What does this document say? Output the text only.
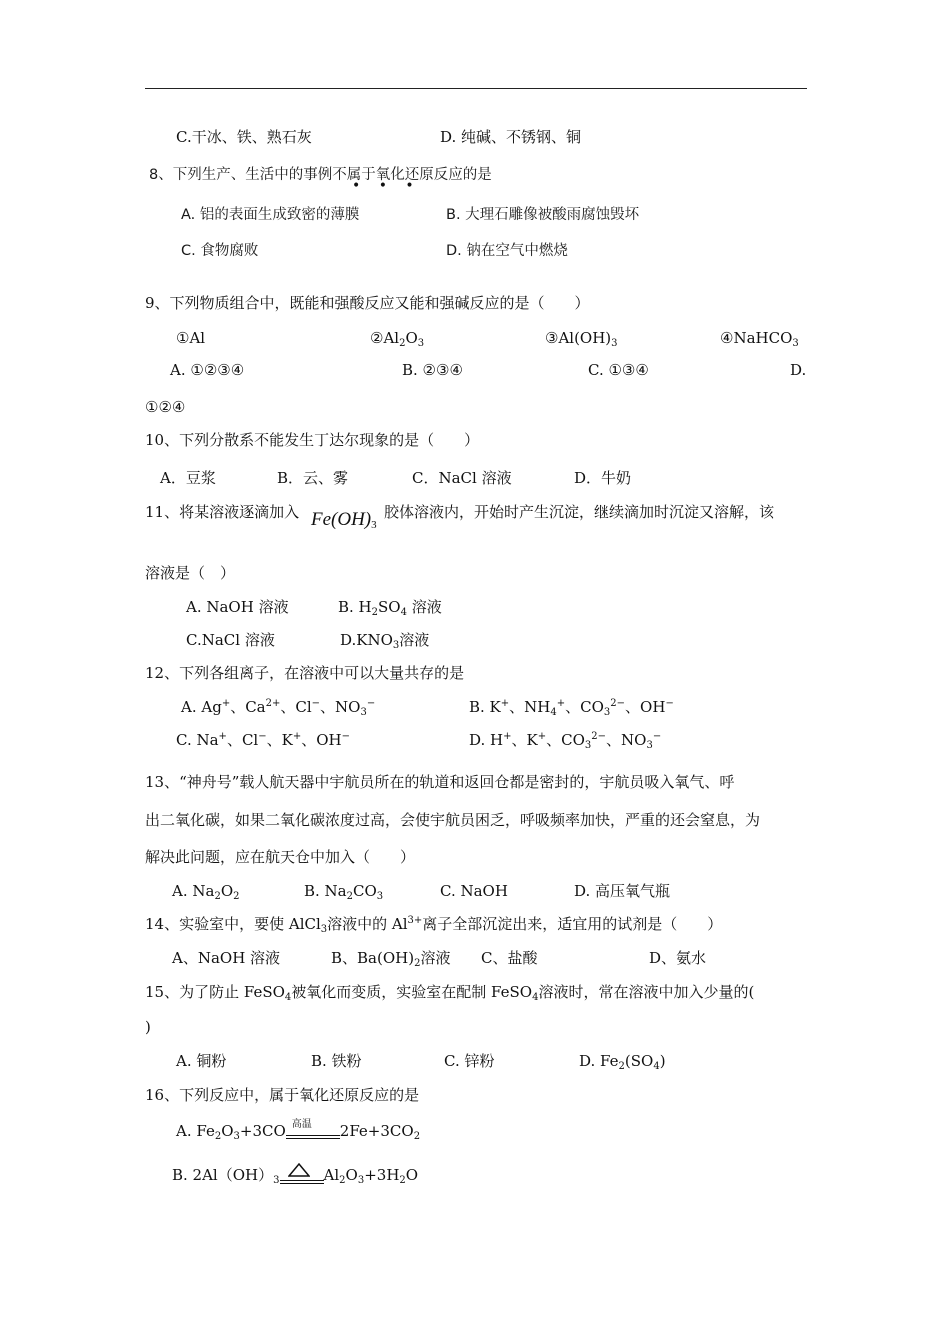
C.干冰、铁、熟石灰	D. 纯碱、不锈钢、铜
8、下列生产、生活中的事例不属于氧化还原反应的是
• • •
A. 铝的表面生成致密的薄膜	B. 大理石雕像被酸雨腐蚀毁坏
C. 食物腐败	D. 钠在空气中燃烧
9、下列物质组合中，既能和强酸反应又能和强碱反应的是（　　）
①Al	$②Al_2O_3$	$③Al(OH)_3$	④NaHCO$_3$
A. ①②③④	B. ②③④	C. ①③④	D.
①②④
10、下列分散系不能发生丁达尔现象的是（　　）
A．豆浆	B．云、雾	C．NaCl 溶液	D．牛奶
11、将某溶液逐滴加入 $Fe(OH)_3$
胶体溶液内，开始时产生沉淀，继续滴加时沉淀又溶解，该
溶液是（　）
A. NaOH 溶液	B. $H_2SO_4$ 溶液
C.NaCl 溶液	$D.KNO_3$溶液
12、下列各组离子，在溶液中可以大量共存的是
A. Ag+、$Ca^{2+}$、Cl−、$NO_3^-$	B. K+、$NH_4^+$、$CO_3^{2-}$、OH−
C. Na+、Cl−、K+、OH−	D. H+、K+、$CO_3^{2-}$、$NO_3^-$
13、“神舟号”载人航天器中宇航员所在的轨道和返回仓都是密封的，宇航员吸入氧气、呼
出二氧化碳，如果二氧化碳浓度过高，会使宇航员困乏，呼吸频率加快，严重的还会窒息，为
解决此问题，应在航天仓中加入（　　）
A. $Na_2O_2$	B. $Na_2CO_3$	C. NaOH	D. 高压氧气瓶
14、实验室中，要使 AlCl$_3$溶液中的 $Al^{3+}$离子全部沉淀出来，适宜用的试剂是（　　）
A、NaOH 溶液	B、$Ba(OH)_2$溶液 C、盐酸	D、氨水
15、为了防止 FeSO$_4$被氧化而变质，实验室在配制 FeSO$_4$溶液时，常在溶液中加入少量的(
)
A. 铜粉	B. 铁粉	C. 锌粉	D. $Fe_2(SO_4)$
16、下列反应中，属于氧化还原反应的是
A. $Fe_2O_3+3CO$ 高温 $2Fe+3CO_2$
B. $2Al(OH)_3$	$Al_2O_3+3H_2O$
